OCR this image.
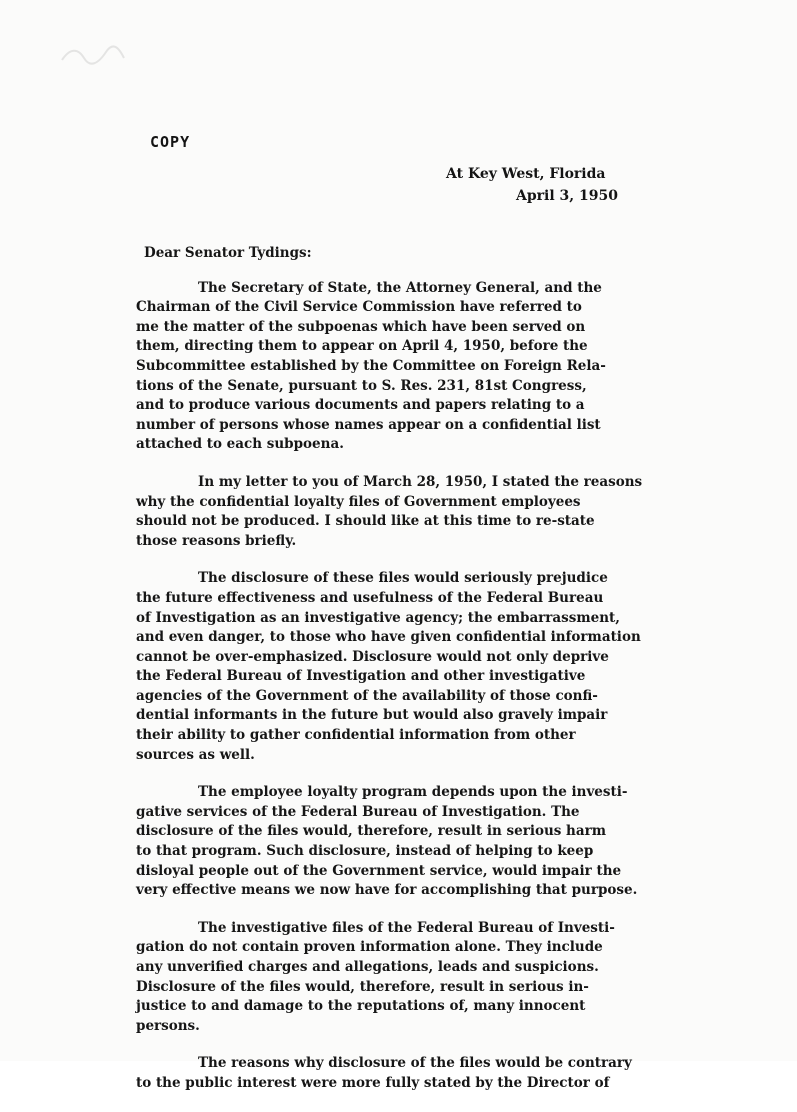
COPY
At Key West, Florida
April 3, 1950
Dear Senator Tydings:
The Secretary of State, the Attorney General, and the
Chairman of the Civil Service Commission have referred to
me the matter of the subpoenas which have been served on
them, directing them to appear on April 4, 1950, before the
Subcommittee established by the Committee on Foreign Rela-
tions of the Senate, pursuant to S. Res. 231, 81st Congress,
and to produce various documents and papers relating to a
number of persons whose names appear on a confidential list
attached to each subpoena.
In my letter to you of March 28, 1950, I stated the reasons
why the confidential loyalty files of Government employees
should not be produced. I should like at this time to re-state
those reasons briefly.
The disclosure of these files would seriously prejudice
the future effectiveness and usefulness of the Federal Bureau
of Investigation as an investigative agency; the embarrassment,
and even danger, to those who have given confidential information
cannot be over-emphasized. Disclosure would not only deprive
the Federal Bureau of Investigation and other investigative
agencies of the Government of the availability of those confi-
dential informants in the future but would also gravely impair
their ability to gather confidential information from other
sources as well.
The employee loyalty program depends upon the investi-
gative services of the Federal Bureau of Investigation. The
disclosure of the files would, therefore, result in serious harm
to that program. Such disclosure, instead of helping to keep
disloyal people out of the Government service, would impair the
very effective means we now have for accomplishing that purpose.
The investigative files of the Federal Bureau of Investi-
gation do not contain proven information alone. They include
any unverified charges and allegations, leads and suspicions.
Disclosure of the files would, therefore, result in serious in-
justice to and damage to the reputations of, many innocent
persons.
The reasons why disclosure of the files would be contrary
to the public interest were more fully stated by the Director of
